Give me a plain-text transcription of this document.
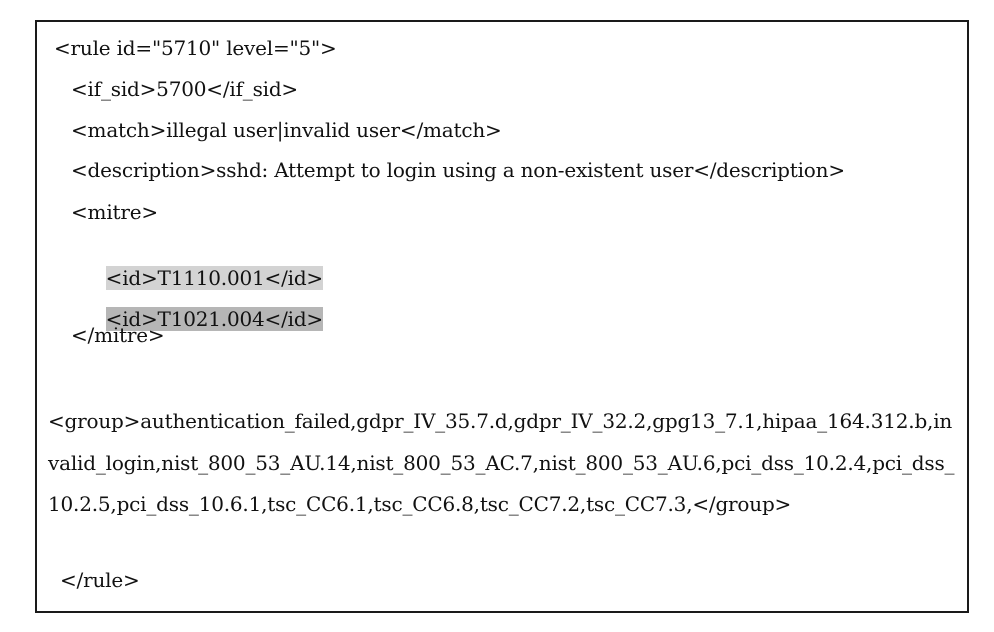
<rule id="5710" level="5">
<if_sid>5700</if_sid>
<match>illegal user|invalid user</match>
<description>sshd: Attempt to login using a non-existent user</description>
<mitre>

<id>T1110.001</id>

<id>T1021.004</id>

</mitre>
<group>authentication_failed,gdpr_IV_35.7.d,gdpr_IV_32.2,gpg13_7.1,hipaa_164.312.b,invalid_login,nist_800_53_AU.14,nist_800_53_AC.7,nist_800_53_AU.6,pci_dss_10.2.4,pci_dss_10.2.5,pci_dss_10.6.1,tsc_CC6.1,tsc_CC6.8,tsc_CC7.2,tsc_CC7.3,</group>
</rule>
